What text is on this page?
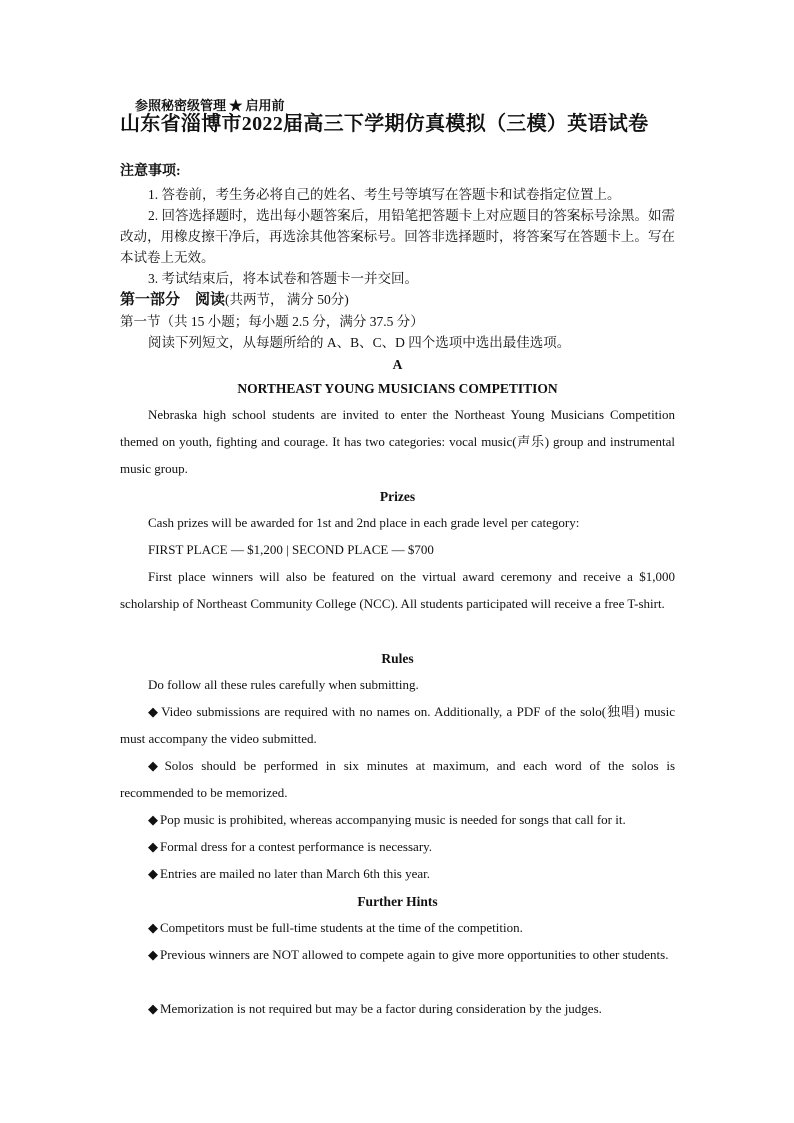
参照秘密级管理 ★ 启用前
山东省淄博市2022届高三下学期仿真模拟（三模）英语试卷
注意事项:
1. 答卷前，考生务必将自己的姓名、考生号等填写在答题卡和试卷指定位置上。
2. 回答选择题时，选出每小题答案后，用铅笔把答题卡上对应题目的答案标号涂黑。如需改动，用橡皮擦干净后，再选涂其他答案标号。回答非选择题时，将答案写在答题卡上。写在本试卷上无效。
3. 考试结束后，将本试卷和答题卡一并交回。
第一部分　阅读(共两节， 满分 50分)
第一节（共 15 小题；每小题 2.5 分，满分 37.5 分）
阅读下列短文，从每题所给的 A、B、C、D 四个选项中选出最佳选项。
A
NORTHEAST YOUNG MUSICIANS COMPETITION
Nebraska high school students are invited to enter the Northeast Young Musicians Competition themed on youth, fighting and courage. It has two categories: vocal music(声乐) group and instrumental music group.
Prizes
Cash prizes will be awarded for 1st and 2nd place in each grade level per category:
FIRST PLACE — $1,200 | SECOND PLACE — $700
First place winners will also be featured on the virtual award ceremony and receive a $1,000 scholarship of Northeast Community College (NCC). All students participated will receive a free T-shirt.
Rules
Do follow all these rules carefully when submitting.
◆ Video submissions are required with no names on. Additionally, a PDF of the solo(独唱) music must accompany the video submitted.
◆ Solos should be performed in six minutes at maximum, and each word of the solos is recommended to be memorized.
◆ Pop music is prohibited, whereas accompanying music is needed for songs that call for it.
◆ Formal dress for a contest performance is necessary.
◆ Entries are mailed no later than March 6th this year.
Further Hints
◆ Competitors must be full-time students at the time of the competition.
◆ Previous winners are NOT allowed to compete again to give more opportunities to other students.
◆ Memorization is not required but may be a factor during consideration by the judges.
